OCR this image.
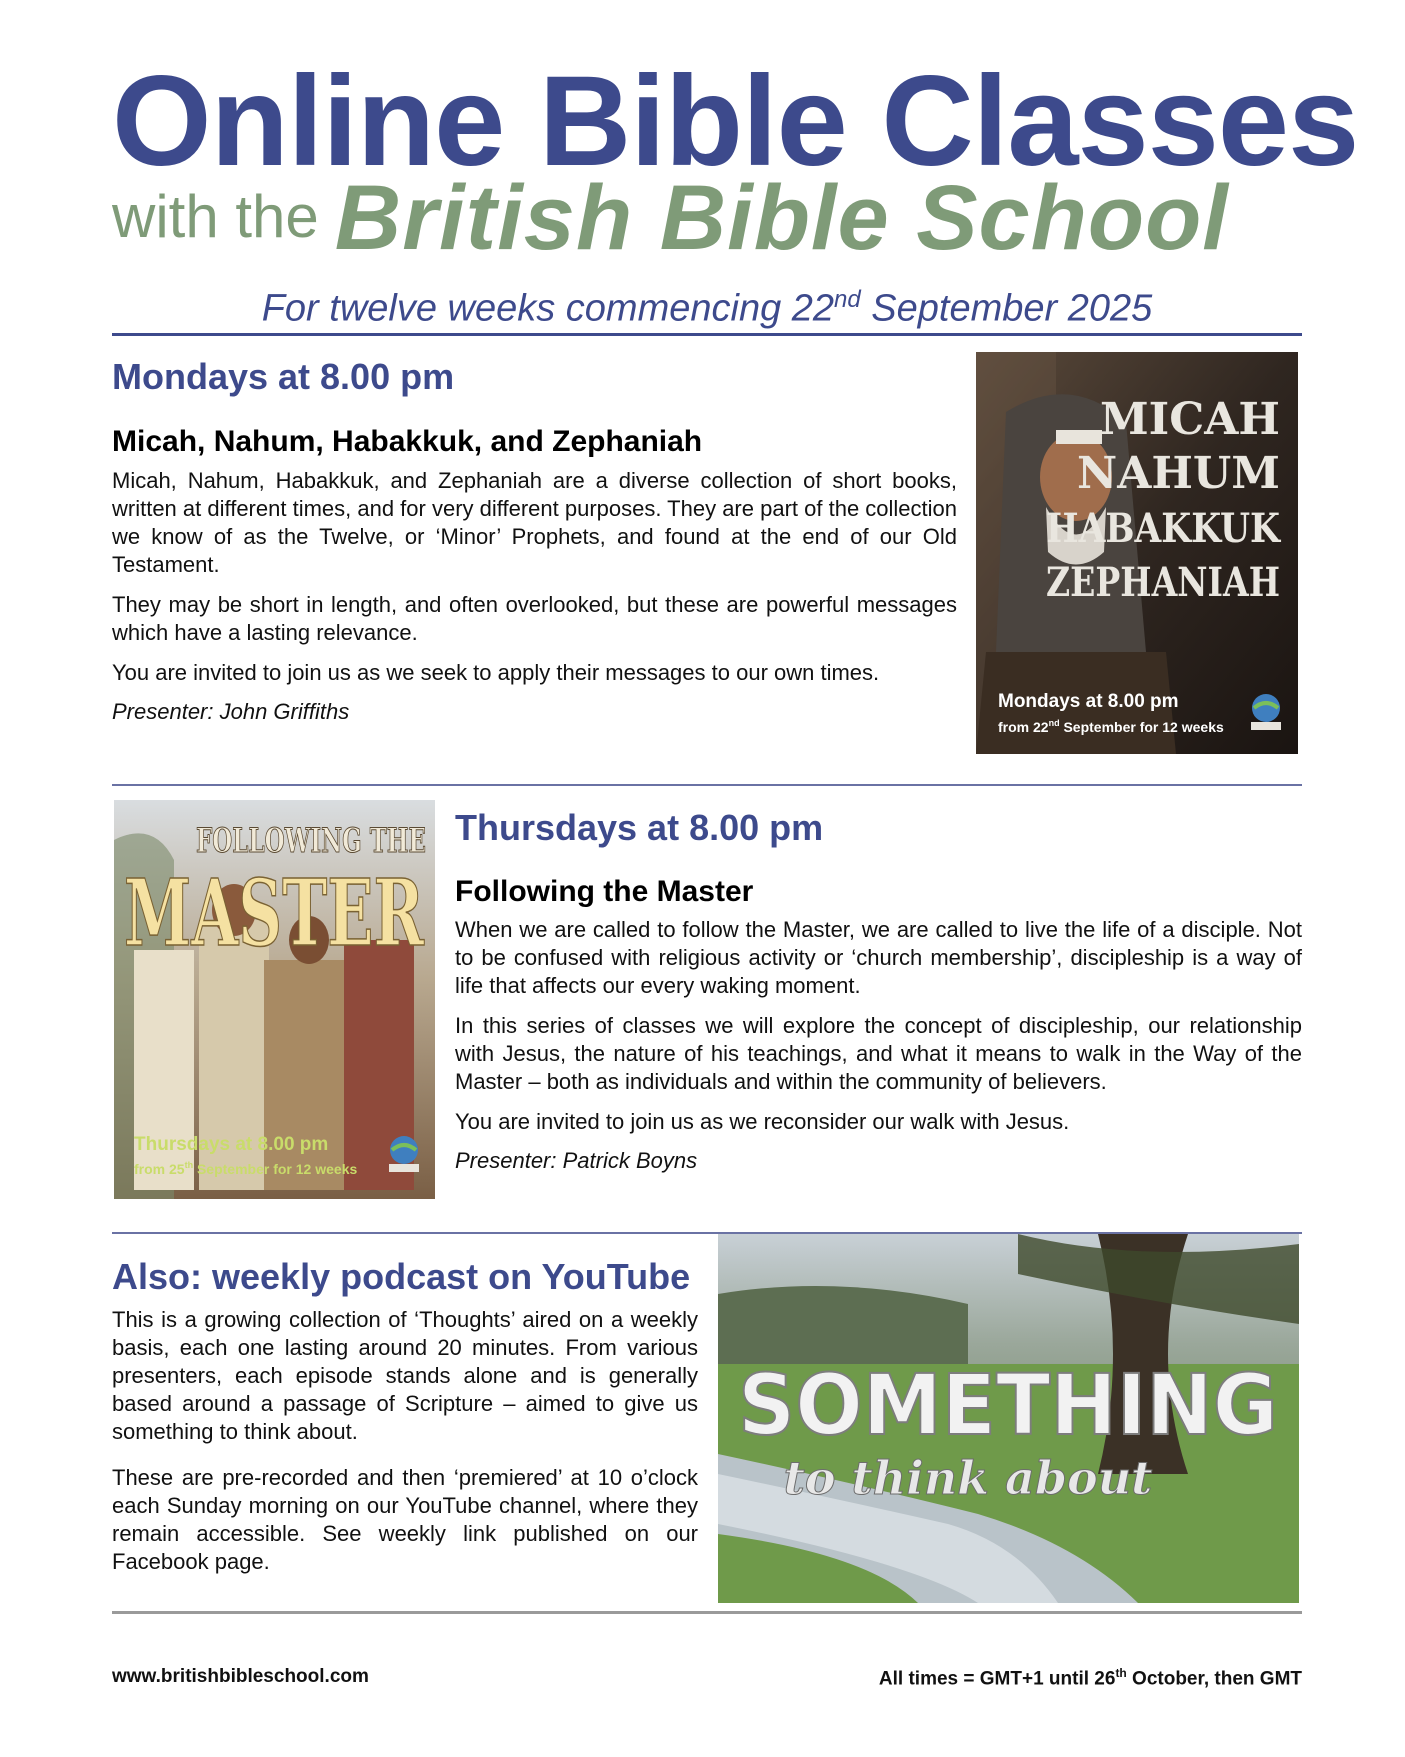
Online Bible Classes
with the British Bible School
For twelve weeks commencing 22nd September 2025
Mondays at 8.00 pm
Micah, Nahum, Habakkuk, and Zephaniah

Micah, Nahum, Habakkuk, and Zephaniah are a diverse collection of short books, written at different times, and for very different purposes. They are part of the collection we know of as the Twelve, or ‘Minor’ Prophets, and found at the end of our Old Testament.

They may be short in length, and often overlooked, but these are powerful messages which have a lasting relevance.

You are invited to join us as we seek to apply their messages to our own times.

Presenter: John Griffiths
MICAH
NAHUM
HABAKKUK
ZEPHANIAH
Mondays at 8.00 pm
from 22nd September for 12 weeks
FOLLOWING THE
MASTER
Thursdays at 8.00 pm
from 25th September for 12 weeks
Thursdays at 8.00 pm
Following the Master

When we are called to follow the Master, we are called to live the life of a disciple. Not to be confused with religious activity or ‘church membership’, discipleship is a way of life that affects our every waking moment.

In this series of classes we will explore the concept of discipleship, our relationship with Jesus, the nature of his teachings, and what it means to walk in the Way of the Master – both as individuals and within the community of believers.

You are invited to join us as we reconsider our walk with Jesus.

Presenter: Patrick Boyns
Also: weekly podcast on YouTube

This is a growing collection of ‘Thoughts’ aired on a weekly basis, each one lasting around 20 minutes. From various presenters, each episode stands alone and is generally based around a passage of Scripture – aimed to give us something to think about.

These are pre-recorded and then ‘premiered’ at 10 o’clock each Sunday morning on our YouTube channel, where they remain accessible. See weekly link published on our Facebook page.

SOMETHING
to think about
www.britishbibleschool.com	All times = GMT+1 until 26th October, then GMT
